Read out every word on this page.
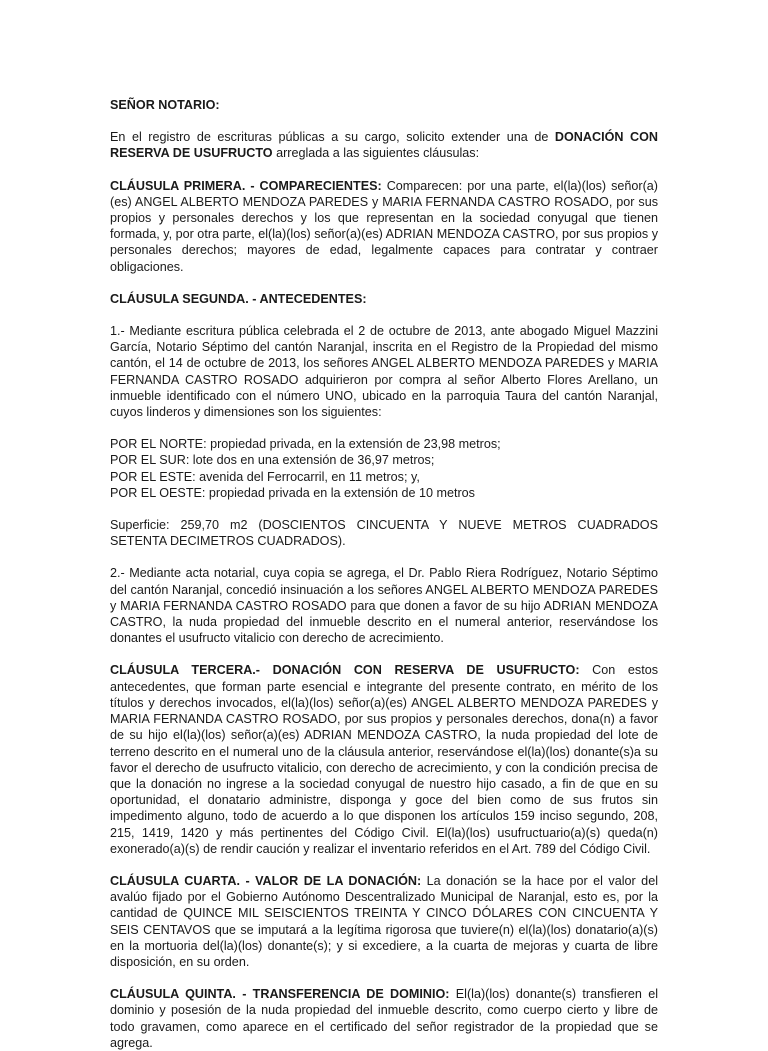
SEÑOR NOTARIO:

En el registro de escrituras públicas a su cargo, solicito extender una de DONACIÓN CON RESERVA DE USUFRUCTO arreglada a las siguientes cláusulas:

CLÁUSULA PRIMERA. - COMPARECIENTES: Comparecen: por una parte, el(la)(los) señor(a)(es) ANGEL ALBERTO MENDOZA PAREDES y MARIA FERNANDA CASTRO ROSADO, por sus propios y personales derechos y los que representan en la sociedad conyugal que tienen formada, y, por otra parte, el(la)(los) señor(a)(es) ADRIAN MENDOZA CASTRO, por sus propios y personales derechos; mayores de edad, legalmente capaces para contratar y contraer obligaciones.

CLÁUSULA SEGUNDA. - ANTECEDENTES:

1.- Mediante escritura pública celebrada el 2 de octubre de 2013, ante abogado Miguel Mazzini García, Notario Séptimo del cantón Naranjal, inscrita en el Registro de la Propiedad del mismo cantón, el 14 de octubre de 2013, los señores ANGEL ALBERTO MENDOZA PAREDES y MARIA FERNANDA CASTRO ROSADO adquirieron por compra al señor Alberto Flores Arellano, un inmueble identificado con el número UNO, ubicado en la parroquia Taura del cantón Naranjal, cuyos linderos y dimensiones son los siguientes:

POR EL NORTE: propiedad privada, en la extensión de 23,98 metros;

POR EL SUR: lote dos en una extensión de 36,97 metros;

POR EL ESTE: avenida del Ferrocarril, en 11 metros; y,

POR EL OESTE: propiedad privada en la extensión de 10 metros

Superficie: 259,70 m2 (DOSCIENTOS CINCUENTA Y NUEVE METROS CUADRADOS SETENTA DECIMETROS CUADRADOS).

2.- Mediante acta notarial, cuya copia se agrega, el Dr. Pablo Riera Rodríguez, Notario Séptimo del cantón Naranjal, concedió insinuación a los señores ANGEL ALBERTO MENDOZA PAREDES y MARIA FERNANDA CASTRO ROSADO para que donen a favor de su hijo ADRIAN MENDOZA CASTRO, la nuda propiedad del inmueble descrito en el numeral anterior, reservándose los donantes el usufructo vitalicio con derecho de acrecimiento.

CLÁUSULA TERCERA.- DONACIÓN CON RESERVA DE USUFRUCTO: Con estos antecedentes, que forman parte esencial e integrante del presente contrato, en mérito de los títulos y derechos invocados, el(la)(los) señor(a)(es) ANGEL ALBERTO MENDOZA PAREDES y MARIA FERNANDA CASTRO ROSADO, por sus propios y personales derechos, dona(n) a favor de su hijo el(la)(los) señor(a)(es) ADRIAN MENDOZA CASTRO, la nuda propiedad del lote de terreno descrito en el numeral uno de la cláusula anterior, reservándose el(la)(los) donante(s)a su favor el derecho de usufructo vitalicio, con derecho de acrecimiento, y con la condición precisa de que la donación no ingrese a la sociedad conyugal de nuestro hijo casado, a fin de que en su oportunidad, el donatario administre, disponga y goce del bien como de sus frutos sin impedimento alguno, todo de acuerdo a lo que disponen los artículos 159 inciso segundo, 208, 215, 1419, 1420 y más pertinentes del Código Civil. El(la)(los) usufructuario(a)(s) queda(n) exonerado(a)(s) de rendir caución y realizar el inventario referidos en el Art. 789 del Código Civil.

CLÁUSULA CUARTA. - VALOR DE LA DONACIÓN: La donación se la hace por el valor del avalúo fijado por el Gobierno Autónomo Descentralizado Municipal de Naranjal, esto es, por la cantidad de QUINCE MIL SEISCIENTOS TREINTA Y CINCO DÓLARES CON CINCUENTA Y SEIS CENTAVOS que se imputará a la legítima rigorosa que tuviere(n) el(la)(los) donatario(a)(s) en la mortuoria del(la)(los) donante(s); y si excediere, a la cuarta de mejoras y cuarta de libre disposición, en su orden.

CLÁUSULA QUINTA. - TRANSFERENCIA DE DOMINIO: El(la)(los) donante(s) transfieren el dominio y posesión de la nuda propiedad del inmueble descrito, como cuerpo cierto y libre de todo gravamen, como aparece en el certificado del señor registrador de la propiedad que se agrega.
